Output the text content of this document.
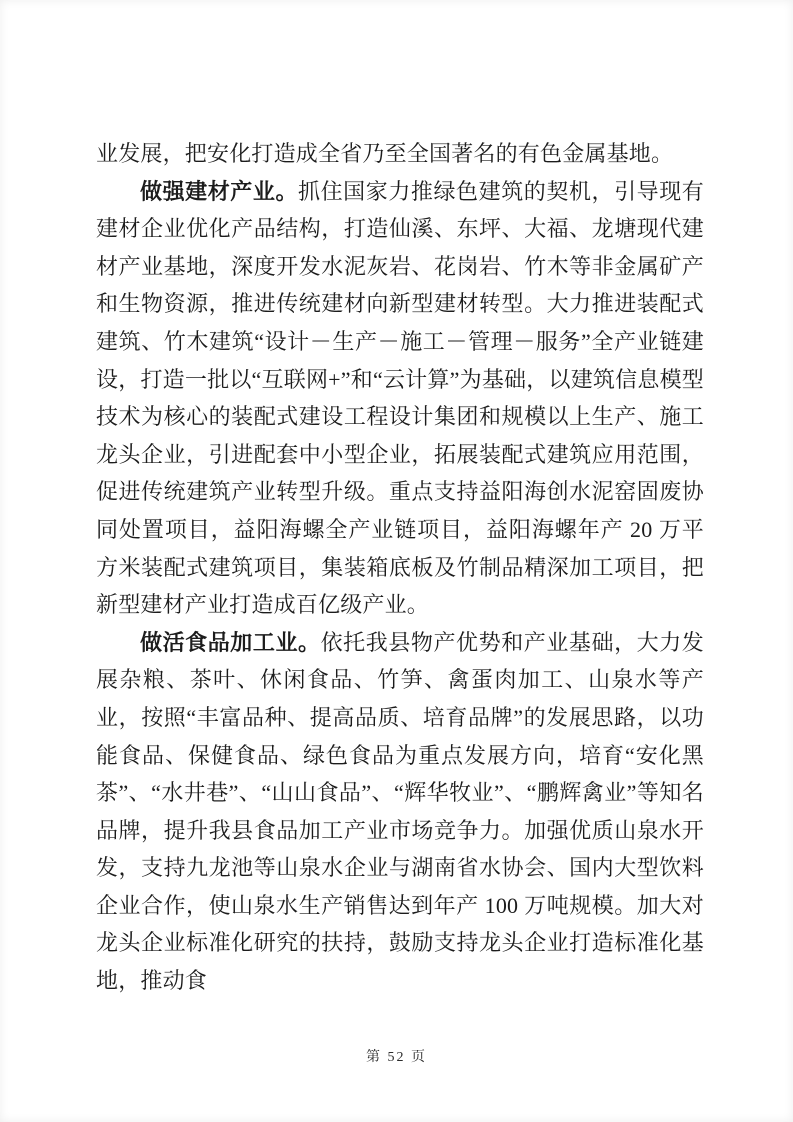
业发展，把安化打造成全省乃至全国著名的有色金属基地。

做强建材产业。抓住国家力推绿色建筑的契机，引导现有建材企业优化产品结构，打造仙溪、东坪、大福、龙塘现代建材产业基地，深度开发水泥灰岩、花岗岩、竹木等非金属矿产和生物资源，推进传统建材向新型建材转型。大力推进装配式建筑、竹木建筑“设计－生产－施工－管理－服务”全产业链建设，打造一批以“互联网+”和“云计算”为基础，以建筑信息模型技术为核心的装配式建设工程设计集团和规模以上生产、施工龙头企业，引进配套中小型企业，拓展装配式建筑应用范围，促进传统建筑产业转型升级。重点支持益阳海创水泥窑固废协同处置项目，益阳海螺全产业链项目，益阳海螺年产 20 万平方米装配式建筑项目，集装箱底板及竹制品精深加工项目，把新型建材产业打造成百亿级产业。

做活食品加工业。依托我县物产优势和产业基础，大力发展杂粮、茶叶、休闲食品、竹笋、禽蛋肉加工、山泉水等产业，按照“丰富品种、提高品质、培育品牌”的发展思路，以功能食品、保健食品、绿色食品为重点发展方向，培育“安化黑茶”、“水井巷”、“山山食品”、“辉华牧业”、“鹏辉禽业”等知名品牌，提升我县食品加工产业市场竞争力。加强优质山泉水开发，支持九龙池等山泉水企业与湖南省水协会、国内大型饮料企业合作，使山泉水生产销售达到年产 100 万吨规模。加大对龙头企业标准化研究的扶持，鼓励支持龙头企业打造标准化基地，推动食

第 52 页
